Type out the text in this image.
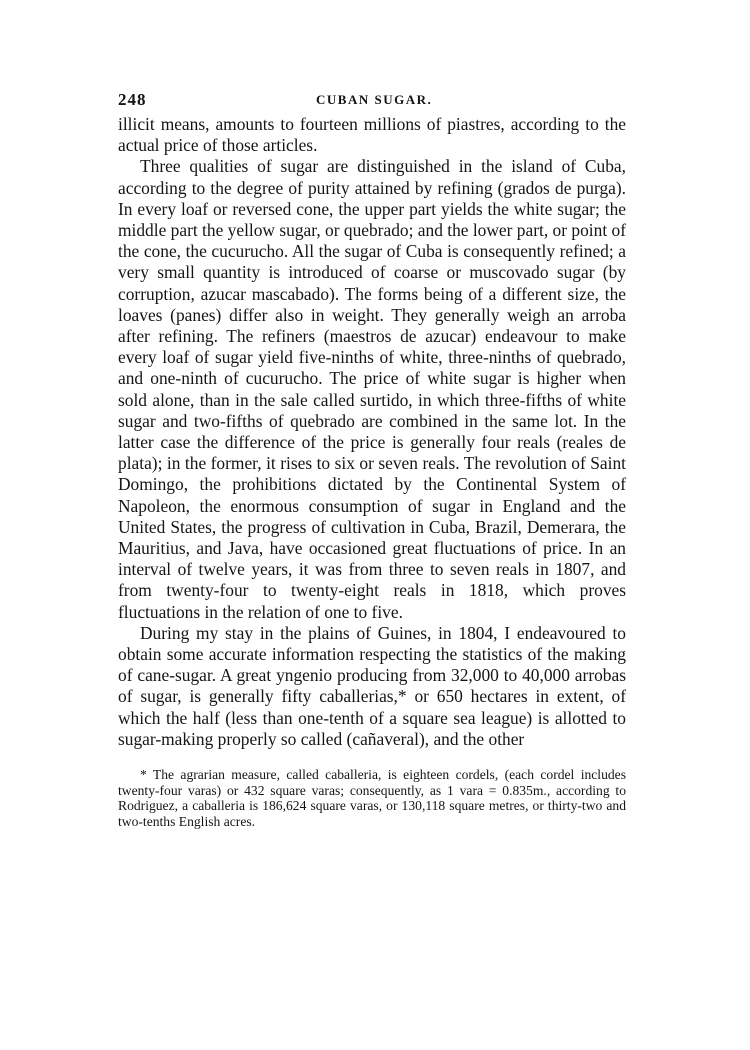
248	CUBAN SUGAR.

illicit means, amounts to fourteen millions of piastres, according to the actual price of those articles.

Three qualities of sugar are distinguished in the island of Cuba, according to the degree of purity attained by refining (grados de purga). In every loaf or reversed cone, the upper part yields the white sugar; the middle part the yellow sugar, or quebrado; and the lower part, or point of the cone, the cucurucho. All the sugar of Cuba is consequently refined; a very small quantity is introduced of coarse or muscovado sugar (by corruption, azucar mascabado). The forms being of a different size, the loaves (panes) differ also in weight. They generally weigh an arroba after refining. The refiners (maestros de azucar) endeavour to make every loaf of sugar yield five-ninths of white, three-ninths of quebrado, and one-ninth of cucurucho. The price of white sugar is higher when sold alone, than in the sale called surtido, in which three-fifths of white sugar and two-fifths of quebrado are combined in the same lot. In the latter case the difference of the price is generally four reals (reales de plata); in the former, it rises to six or seven reals. The revolution of Saint Domingo, the prohibitions dictated by the Continental System of Napoleon, the enormous consumption of sugar in England and the United States, the progress of cultivation in Cuba, Brazil, Demerara, the Mauritius, and Java, have occasioned great fluctuations of price. In an interval of twelve years, it was from three to seven reals in 1807, and from twenty-four to twenty-eight reals in 1818, which proves fluctuations in the relation of one to five.

During my stay in the plains of Guines, in 1804, I endeavoured to obtain some accurate information respecting the statistics of the making of cane-sugar. A great yngenio producing from 32,000 to 40,000 arrobas of sugar, is generally fifty caballerias,* or 650 hectares in extent, of which the half (less than one-tenth of a square sea league) is allotted to sugar-making properly so called (cañaveral), and the other

* The agrarian measure, called caballeria, is eighteen cordels, (each cordel includes twenty-four varas) or 432 square varas; consequently, as 1 vara = 0.835m., according to Rodriguez, a caballeria is 186,624 square varas, or 130,118 square metres, or thirty-two and two-tenths English acres.
